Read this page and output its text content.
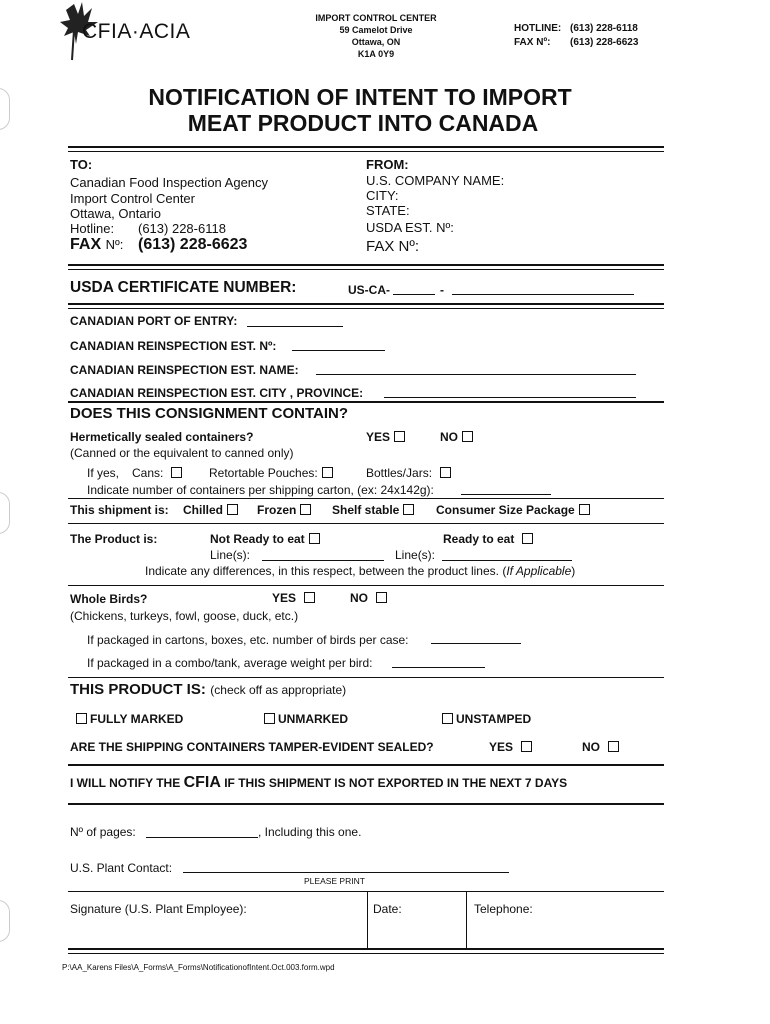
CFIA·ACIA
IMPORT CONTROL CENTER
59 Camelot Drive
Ottawa, ON
K1A 0Y9
HOTLINE: (613) 228-6118
FAX Nº: (613) 228-6623
NOTIFICATION OF INTENT TO IMPORT
MEAT PRODUCT INTO CANADA
TO:
Canadian Food Inspection Agency
Import Control Center
Ottawa, Ontario
Hotline: (613) 228-6118
FAX Nº: (613) 228-6623
FROM:
U.S. COMPANY NAME:
CITY:
STATE:
USDA EST. Nº:
FAX Nº:
USDA CERTIFICATE NUMBER:	US-CA-	-
CANADIAN PORT OF ENTRY:
CANADIAN REINSPECTION EST. Nº:
CANADIAN REINSPECTION EST. NAME:
CANADIAN REINSPECTION EST. CITY , PROVINCE:
DOES THIS CONSIGNMENT CONTAIN?
Hermetically sealed containers?	YES	NO
(Canned or the equivalent to canned only)
If yes, Cans:	Retortable Pouches:	Bottles/Jars:
Indicate number of containers per shipping carton, (ex: 24x142g):
This shipment is: Chilled	Frozen	Shelf stable	Consumer Size Package
The Product is:	Not Ready to eat	Ready to eat
Line(s):	Line(s):
Indicate any differences, in this respect, between the product lines. (If Applicable)
Whole Birds?	YES	NO
(Chickens, turkeys, fowl, goose, duck, etc.)
If packaged in cartons, boxes, etc. number of birds per case:
If packaged in a combo/tank, average weight per bird:
THIS PRODUCT IS: (check off as appropriate)
FULLY MARKED	UNMARKED	UNSTAMPED
ARE THE SHIPPING CONTAINERS TAMPER-EVIDENT SEALED?	YES	NO
I WILL NOTIFY THE CFIA IF THIS SHIPMENT IS NOT EXPORTED IN THE NEXT 7 DAYS
Nº of pages:	, Including this one.
U.S. Plant Contact:
PLEASE PRINT
Signature (U.S. Plant Employee):	Date:	Telephone:
P:\AA_Karens Files\A_Forms\A_Forms\NotificationofIntent.Oct.003.form.wpd
